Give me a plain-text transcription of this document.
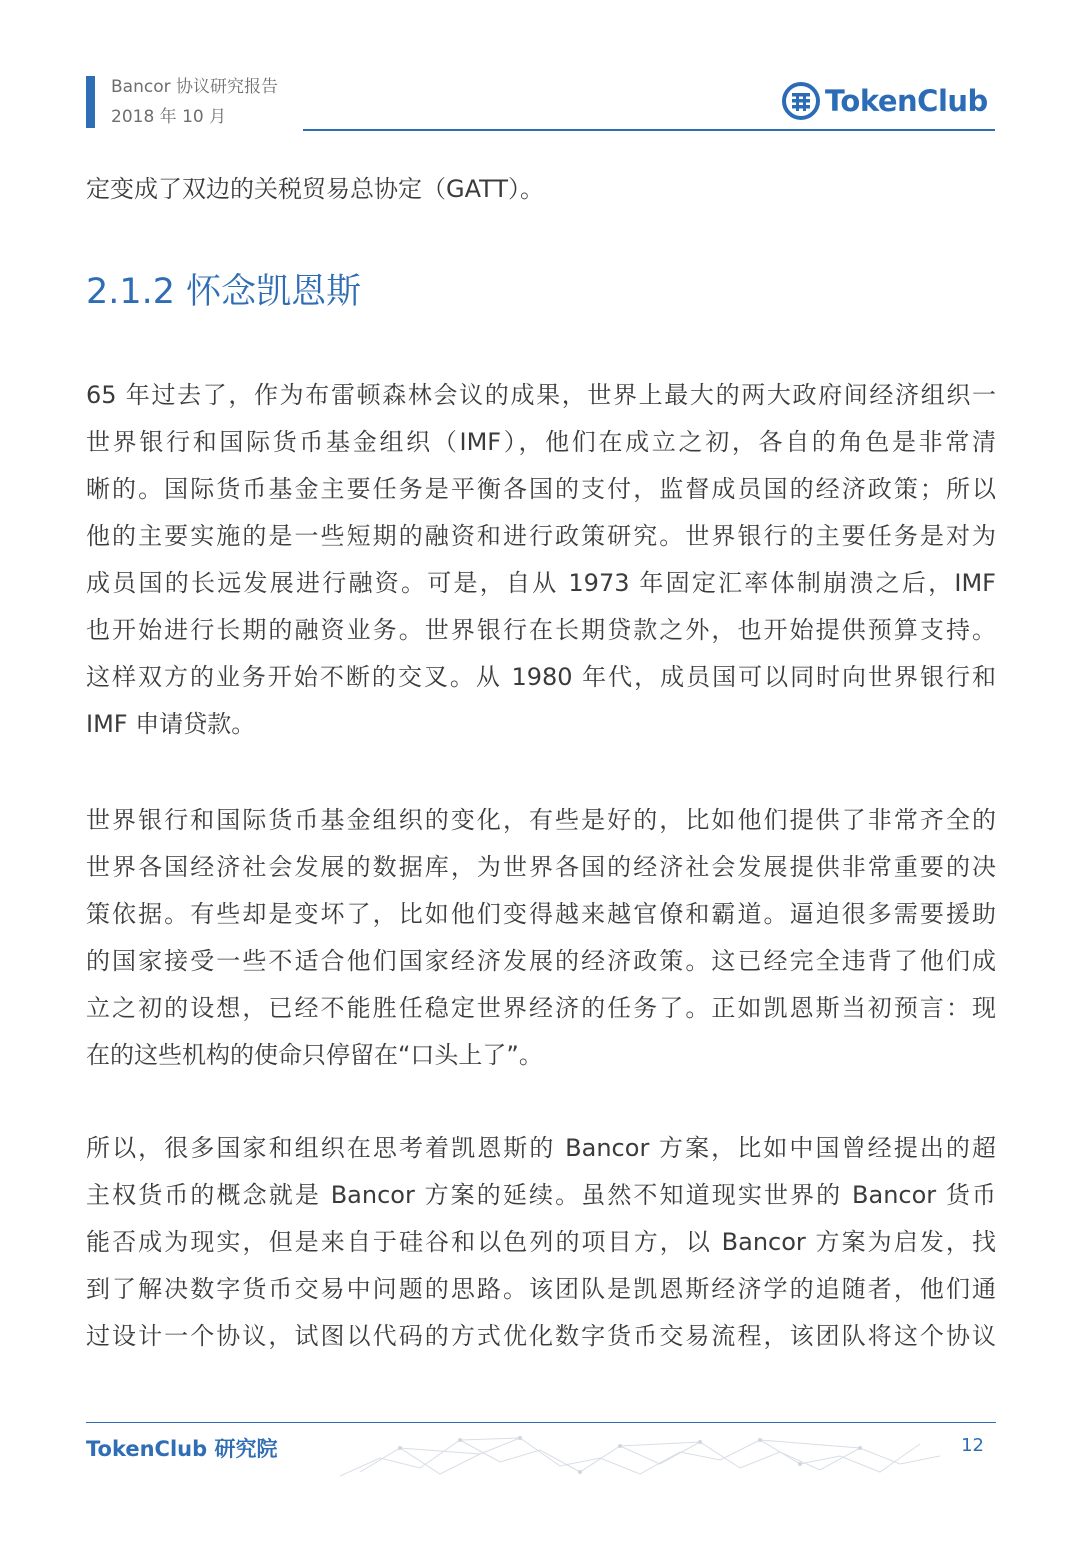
Bancor 协议研究报告
2018 年 10 月	TokenClub
定变成了双边的关税贸易总协定（GATT）。
2.1.2 怀念凯恩斯
65 年过去了，作为布雷顿森林会议的成果，世界上最大的两大政府间经济组织一
世界银行和国际货币基金组织（IMF），他们在成立之初，各自的角色是非常清
晰的。国际货币基金主要任务是平衡各国的支付，监督成员国的经济政策；所以
他的主要实施的是一些短期的融资和进行政策研究。世界银行的主要任务是对为
成员国的长远发展进行融资。可是，自从 1973 年固定汇率体制崩溃之后，IMF
也开始进行长期的融资业务。世界银行在长期贷款之外，也开始提供预算支持。
这样双方的业务开始不断的交叉。从 1980 年代，成员国可以同时向世界银行和
IMF 申请贷款。
世界银行和国际货币基金组织的变化，有些是好的，比如他们提供了非常齐全的
世界各国经济社会发展的数据库，为世界各国的经济社会发展提供非常重要的决
策依据。有些却是变坏了，比如他们变得越来越官僚和霸道。逼迫很多需要援助
的国家接受一些不适合他们国家经济发展的经济政策。这已经完全违背了他们成
立之初的设想，已经不能胜任稳定世界经济的任务了。正如凯恩斯当初预言：现
在的这些机构的使命只停留在“口头上了”。
所以，很多国家和组织在思考着凯恩斯的 Bancor 方案，比如中国曾经提出的超
主权货币的概念就是 Bancor 方案的延续。虽然不知道现实世界的 Bancor 货币
能否成为现实，但是来自于硅谷和以色列的项目方，以 Bancor 方案为启发，找
到了解决数字货币交易中问题的思路。该团队是凯恩斯经济学的追随者，他们通
过设计一个协议，试图以代码的方式优化数字货币交易流程，该团队将这个协议
TokenClub 研究院	12
